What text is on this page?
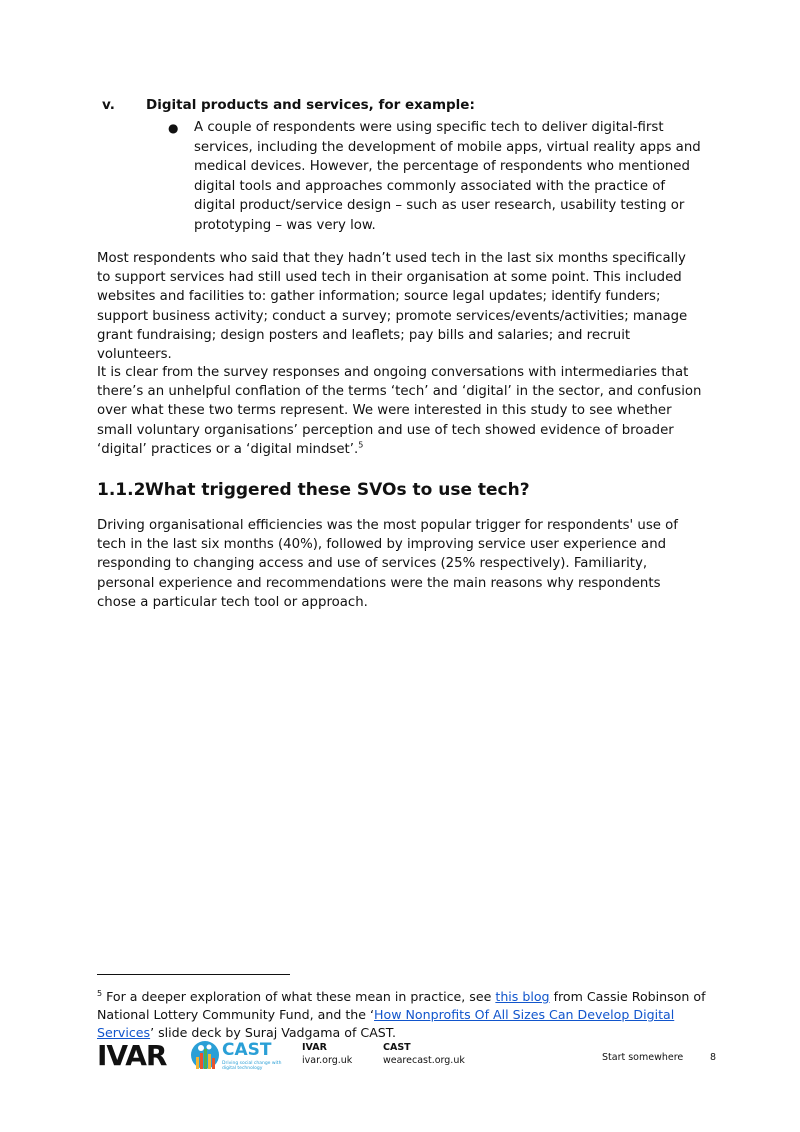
v. Digital products and services, for example:
● A couple of respondents were using specific tech to deliver digital-first services, including the development of mobile apps, virtual reality apps and medical devices. However, the percentage of respondents who mentioned digital tools and approaches commonly associated with the practice of digital product/service design – such as user research, usability testing or prototyping – was very low.
Most respondents who said that they hadn’t used tech in the last six months specifically to support services had still used tech in their organisation at some point. This included websites and facilities to: gather information; source legal updates; identify funders; support business activity; conduct a survey; promote services/events/activities; manage grant fundraising; design posters and leaflets; pay bills and salaries; and recruit volunteers.
It is clear from the survey responses and ongoing conversations with intermediaries that there’s an unhelpful conflation of the terms ‘tech’ and ‘digital’ in the sector, and confusion over what these two terms represent. We were interested in this study to see whether small voluntary organisations’ perception and use of tech showed evidence of broader ‘digital’ practices or a ‘digital mindset’.$^5$
1.1.2What triggered these SVOs to use tech?
Driving organisational efficiencies was the most popular trigger for respondents' use of tech in the last six months (40%), followed by improving service user experience and responding to changing access and use of services (25% respectively). Familiarity, personal experience and recommendations were the main reasons why respondents chose a particular tech tool or approach.
$^5$ For a deeper exploration of what these mean in practice, see this blog from Cassie Robinson of National Lottery Community Fund, and the ‘How Nonprofits Of All Sizes Can Develop Digital Services’ slide deck by Suraj Vadgama of CAST.
IVAR	CAST
Driving social change with digital technology
IVAR
ivar.org.uk
CAST
wearecast.org.uk	Start somewhere	8
